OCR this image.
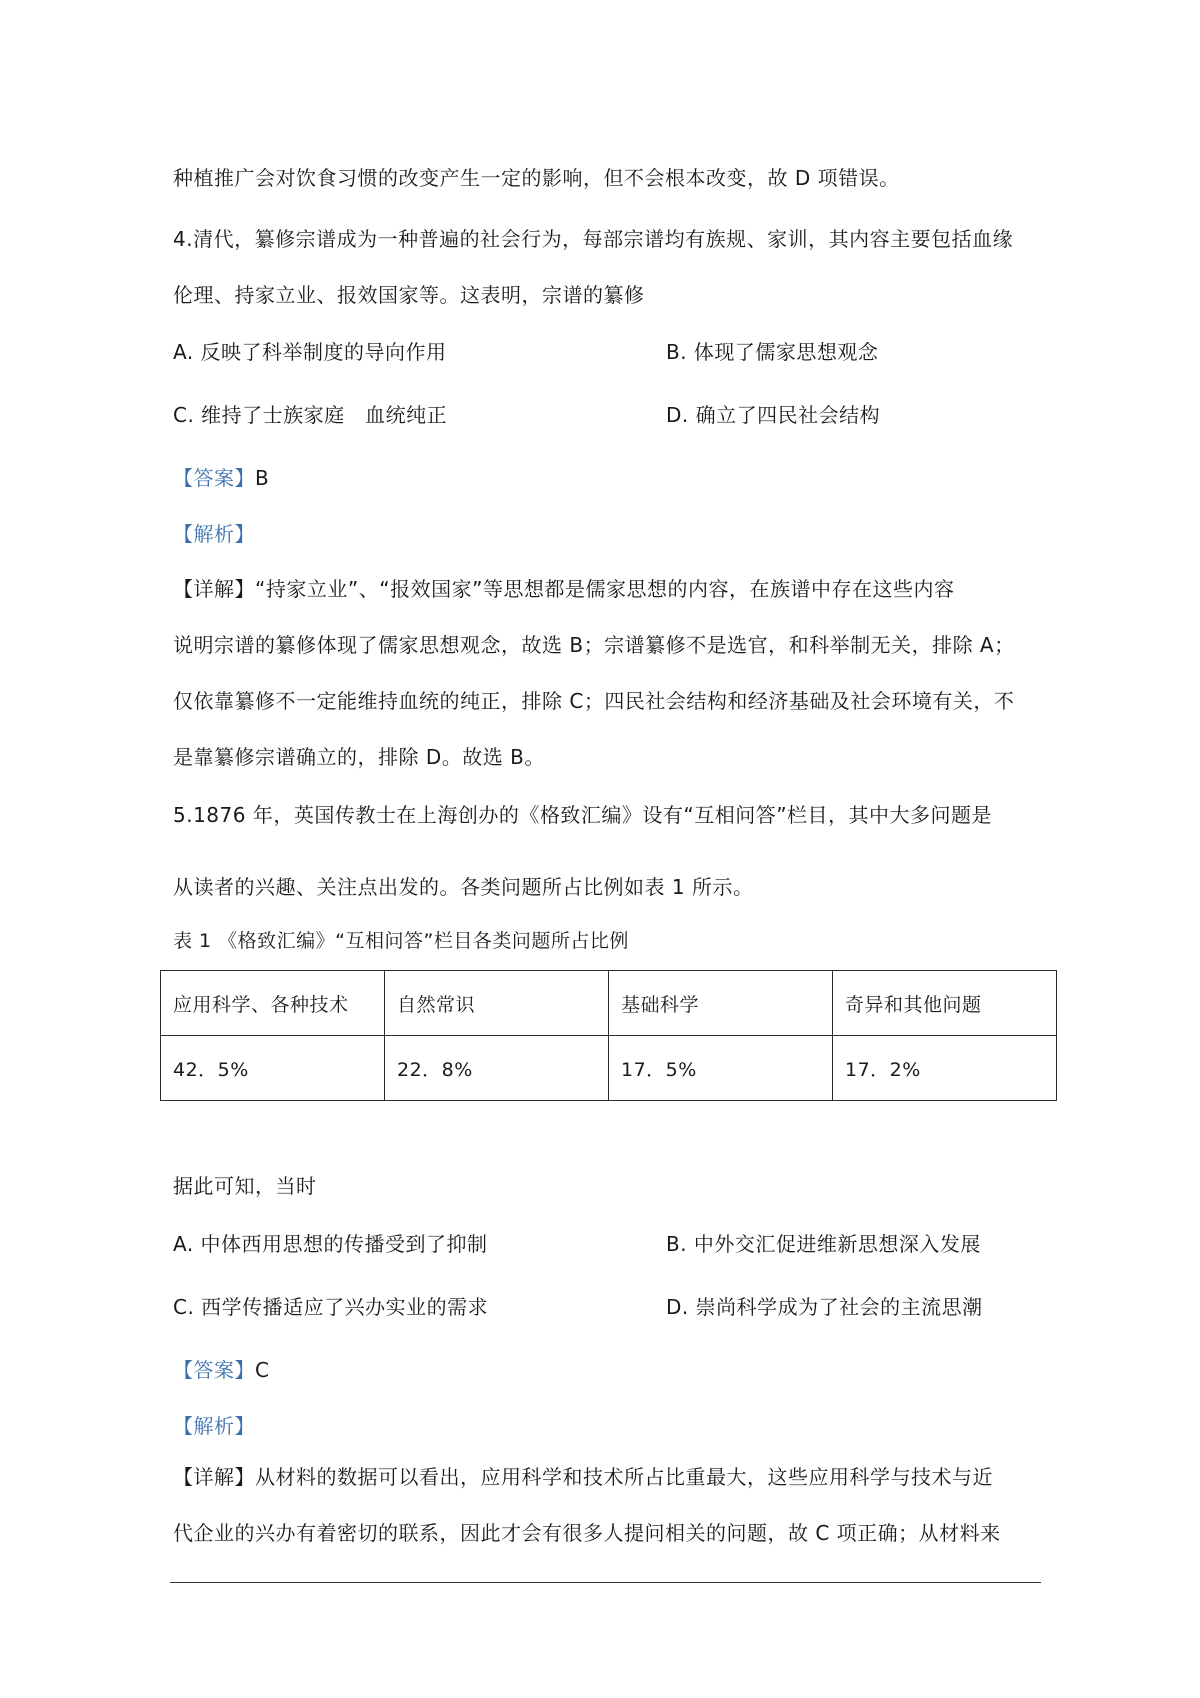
种植推广会对饮食习惯的改变产生一定的影响，但不会根本改变，故 D 项错误。
4.清代，纂修宗谱成为一种普遍的社会行为，每部宗谱均有族规、家训，其内容主要包括血缘
伦理、持家立业、报效国家等。这表明，宗谱的纂修
A. 反映了科举制度的导向作用	B. 体现了儒家思想观念
C. 维持了士族家庭　血统纯正	D. 确立了四民社会结构
【答案】B
【解析】
【详解】“持家立业”、“报效国家”等思想都是儒家思想的内容，在族谱中存在这些内容
说明宗谱的纂修体现了儒家思想观念，故选 B；宗谱纂修不是选官，和科举制无关，排除 A；
仅依靠纂修不一定能维持血统的纯正，排除 C；四民社会结构和经济基础及社会环境有关，不
是靠纂修宗谱确立的，排除 D。故选 B。
5.1876 年，英国传教士在上海创办的《格致汇编》设有“互相问答”栏目，其中大多问题是
从读者的兴趣、关注点出发的。各类问题所占比例如表 1 所示。
表 1 《格致汇编》“互相问答”栏目各类问题所占比例
应用科学、各种技术	自然常识	基础科学	奇异和其他问题
42．5%	22．8%	17．5%	17．2%
据此可知，当时
A. 中体西用思想的传播受到了抑制	B. 中外交汇促进维新思想深入发展
C. 西学传播适应了兴办实业的需求	D. 崇尚科学成为了社会的主流思潮
【答案】C
【解析】
【详解】从材料的数据可以看出，应用科学和技术所占比重最大，这些应用科学与技术与近
代企业的兴办有着密切的联系，因此才会有很多人提问相关的问题，故 C 项正确；从材料来
